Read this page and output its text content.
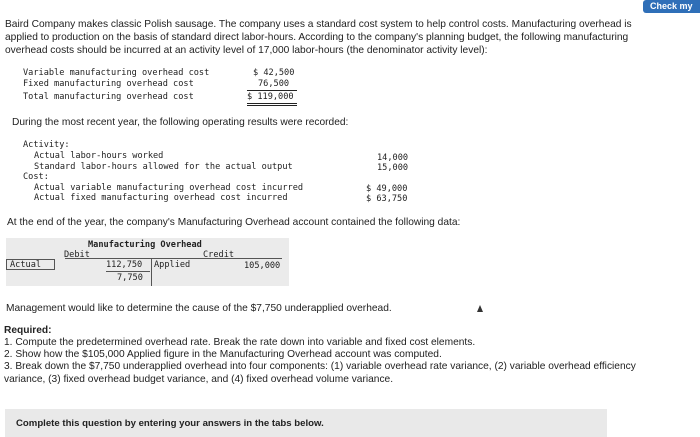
Check my
Baird Company makes classic Polish sausage. The company uses a standard cost system to help control costs. Manufacturing overhead is applied to production on the basis of standard direct labor-hours. According to the company's planning budget, the following manufacturing overhead costs should be incurred at an activity level of 17,000 labor-hours (the denominator activity level):
Variable manufacturing overhead cost	$ 42,500
Fixed manufacturing overhead cost	76,500
Total manufacturing overhead cost	$ 119,000
During the most recent year, the following operating results were recorded:
Activity:
Actual labor-hours worked	14,000
Standard labor-hours allowed for the actual output	15,000
Cost:
Actual variable manufacturing overhead cost incurred	$ 49,000
Actual fixed manufacturing overhead cost incurred	$ 63,750
At the end of the year, the company's Manufacturing Overhead account contained the following data:
Manufacturing Overhead
Debit	Credit
Actual	112,750 Applied	105,000
7,750
Management would like to determine the cause of the $7,750 underapplied overhead.
Required:
1. Compute the predetermined overhead rate. Break the rate down into variable and fixed cost elements.
2. Show how the $105,000 Applied figure in the Manufacturing Overhead account was computed.
3. Break down the $7,750 underapplied overhead into four components: (1) variable overhead rate variance, (2) variable overhead efficiency variance, (3) fixed overhead budget variance, and (4) fixed overhead volume variance.
Complete this question by entering your answers in the tabs below.
